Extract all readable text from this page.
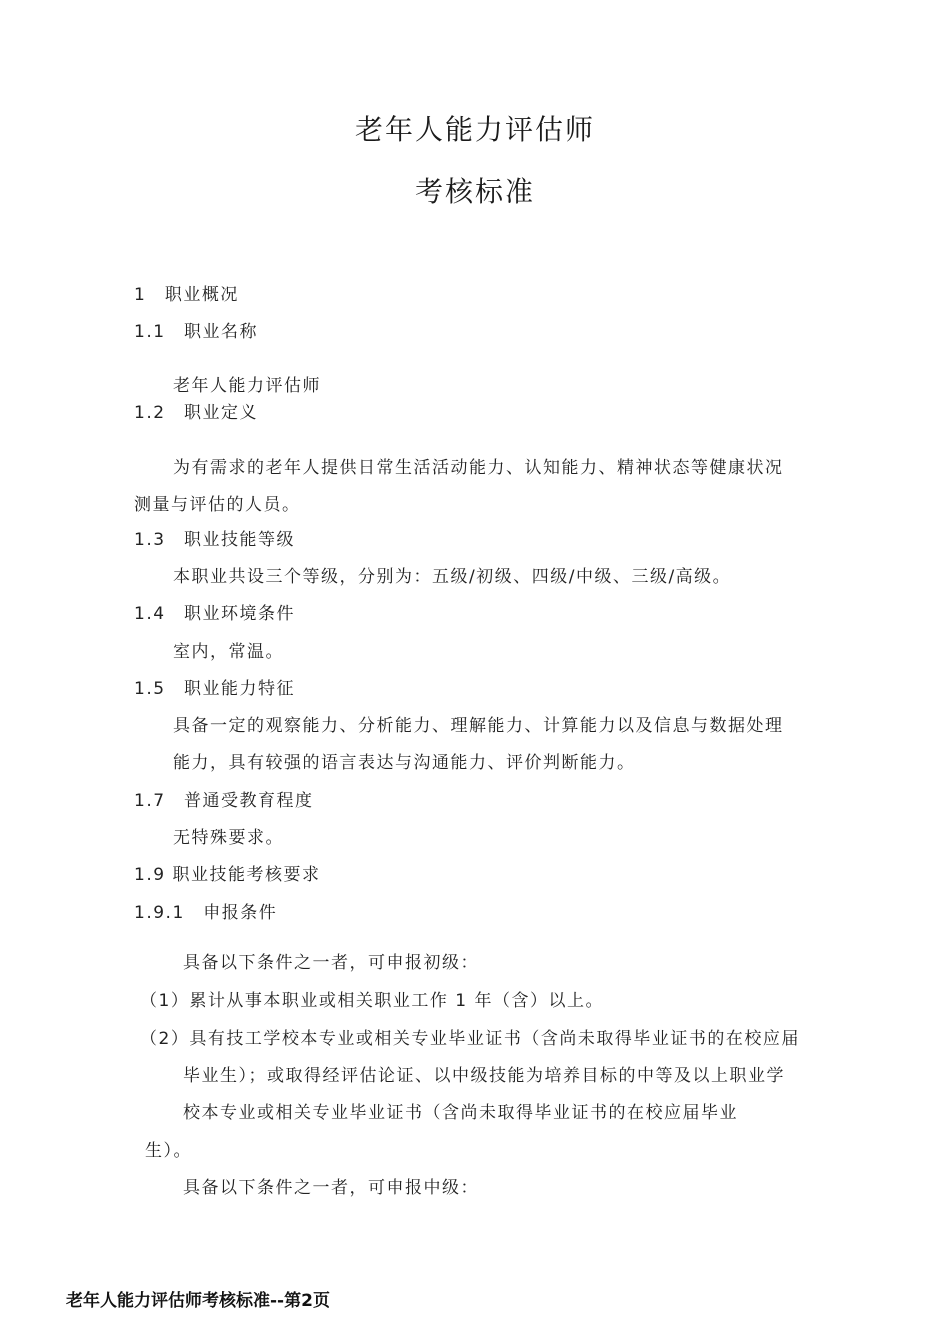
老年人能力评估师
考核标准
1　职业概况
1.1　职业名称
老年人能力评估师
1.2　职业定义
为有需求的老年人提供日常生活活动能力、认知能力、精神状态等健康状况
测量与评估的人员。
1.3　职业技能等级
本职业共设三个等级，分别为：五级/初级、四级/中级、三级/高级。
1.4　职业环境条件
室内，常温。
1.5　职业能力特征
具备一定的观察能力、分析能力、理解能力、计算能力以及信息与数据处理
能力，具有较强的语言表达与沟通能力、评价判断能力。
1.7　普通受教育程度
无特殊要求。
1.9 职业技能考核要求
1.9.1　申报条件
具备以下条件之一者，可申报初级：
（1）累计从事本职业或相关职业工作 1 年（含）以上。
（2）具有技工学校本专业或相关专业毕业证书（含尚未取得毕业证书的在校应届
毕业生）；或取得经评估论证、以中级技能为培养目标的中等及以上职业学
校本专业或相关专业毕业证书（含尚未取得毕业证书的在校应届毕业
生）。
具备以下条件之一者，可申报中级：
老年人能力评估师考核标准--第2页
